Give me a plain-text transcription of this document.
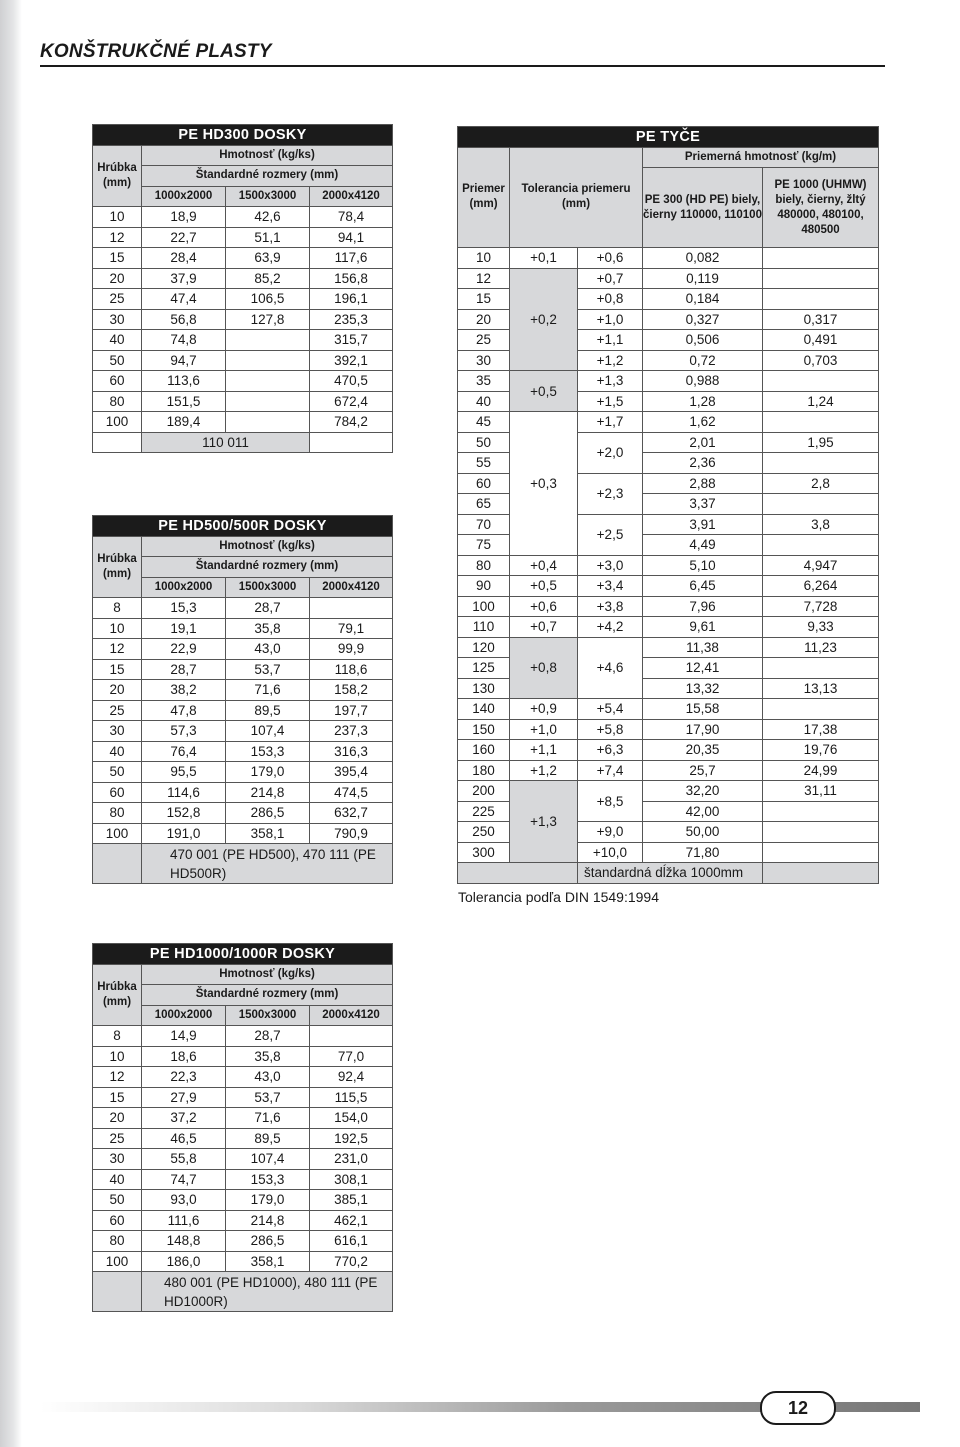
KONŠTRUKČNÉ PLASTY
PE HD300 DOSKY			
Hrúbka (mm)	Hmotnosť (kg/ks)		
	Štandardné rozmery (mm)		
	1000x2000	1500x3000	2000x4120
10	18,9	42,6	78,4
12	22,7	51,1	94,1
15	28,4	63,9	117,6
20	37,9	85,2	156,8
25	47,4	106,5	196,1
30	56,8	127,8	235,3
40	74,8		315,7
50	94,7		392,1
60	113,6		470,5
80	151,5		672,4
100	189,4		784,2
	110 011		
PE HD500/500R DOSKY			
Hrúbka (mm)	Hmotnosť (kg/ks)		
	Štandardné rozmery (mm)		
	1000x2000	1500x3000	2000x4120
8	15,3	28,7	
10	19,1	35,8	79,1
12	22,9	43,0	99,9
15	28,7	53,7	118,6
20	38,2	71,6	158,2
25	47,8	89,5	197,7
30	57,3	107,4	237,3
40	76,4	153,3	316,3
50	95,5	179,0	395,4
60	114,6	214,8	474,5
80	152,8	286,5	632,7
100	191,0	358,1	790,9
	470 001 (PE HD500), 470 111 (PE HD500R)		
PE HD1000/1000R DOSKY			
Hrúbka (mm)	Hmotnosť (kg/ks)		
	Štandardné rozmery (mm)		
	1000x2000	1500x3000	2000x4120
8	14,9	28,7	
10	18,6	35,8	77,0
12	22,3	43,0	92,4
15	27,9	53,7	115,5
20	37,2	71,6	154,0
25	46,5	89,5	192,5
30	55,8	107,4	231,0
40	74,7	153,3	308,1
50	93,0	179,0	385,1
60	111,6	214,8	462,1
80	148,8	286,5	616,1
100	186,0	358,1	770,2
	480 001 (PE HD1000), 480 111 (PE HD1000R)		
PE TYČE				
Priemer (mm)	Tolerancia priemeru (mm)		Priemerná hmotnosť (kg/m)	
			PE 300 (HD PE) biely, čierny 110000, 110100	PE 1000 (UHMW) biely, čierny, žltý 480000, 480100, 480500

10	+0,1	+0,6	0,082	
12	+0,2	+0,7	0,119	
15		+0,8	0,184	
20		+1,0	0,327	0,317
25		+1,1	0,506	0,491
30		+1,2	0,72	0,703
35	+0,5	+1,3	0,988	
40		+1,5	1,28	1,24
45	+0,3	+1,7	1,62	
50		+2,0	2,01	1,95
55			2,36	
60		+2,3	2,88	2,8
65			3,37	
70		+2,5	3,91	3,8
75			4,49	
80	+0,4	+3,0	5,10	4,947
90	+0,5	+3,4	6,45	6,264
100	+0,6	+3,8	7,96	7,728
110	+0,7	+4,2	9,61	9,33
120	+0,8	+4,6	11,38	11,23
125			12,41	
130			13,32	13,13
140	+0,9	+5,4	15,58	
150	+1,0	+5,8	17,90	17,38
160	+1,1	+6,3	20,35	19,76
180	+1,2	+7,4	25,7	24,99
200	+1,3	+8,5	32,20	31,11
225			42,00	
250		+9,0	50,00	
300		+10,0	71,80	
		štandardná dĺžka 1000mm		
Tolerancia podľa DIN 1549:1994
12
